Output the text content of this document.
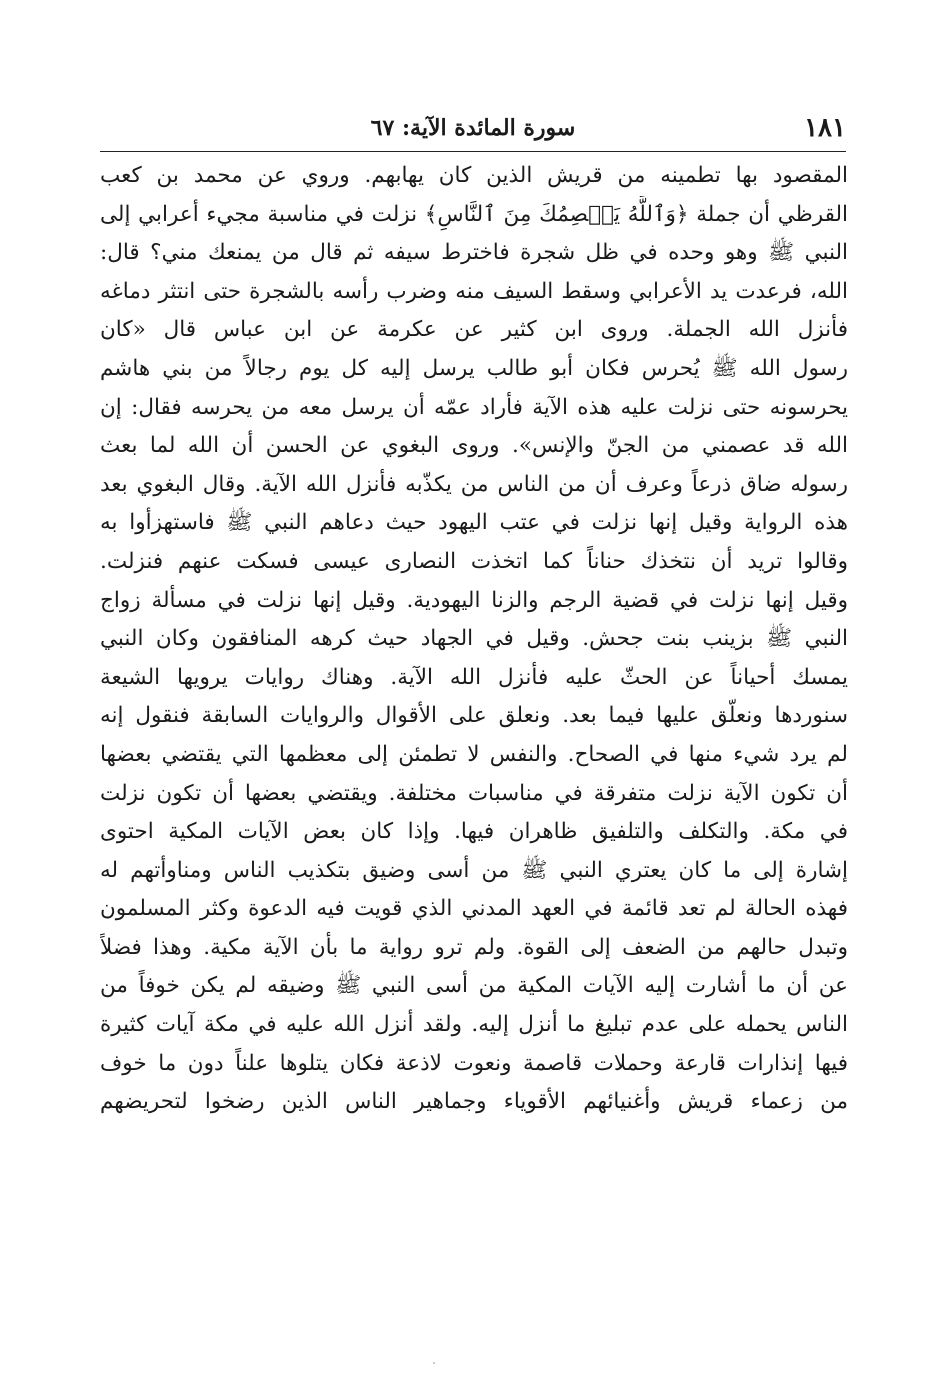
١٨١
سورة المائدة الآية: ٦٧
المقصود بها تطمينه من قريش الذين كان يهابهم. وروي عن محمد بن كعب
القرظي أن جملة ﴿وَٱللَّهُ يَعۡصِمُكَ مِنَ ٱلنَّاسِ﴾ نزلت في مناسبة مجيء أعرابي إلى
النبي ﷺ وهو وحده في ظل شجرة فاخترط سيفه ثم قال من يمنعك مني؟ قال:
الله، فرعدت يد الأعرابي وسقط السيف منه وضرب رأسه بالشجرة حتى انتثر دماغه
فأنزل الله الجملة. وروى ابن كثير عن عكرمة عن ابن عباس قال «كان
رسول الله ﷺ يُحرس فكان أبو طالب يرسل إليه كل يوم رجالاً من بني هاشم
يحرسونه حتى نزلت عليه هذه الآية فأراد عمّه أن يرسل معه من يحرسه فقال: إن
الله قد عصمني من الجنّ والإنس». وروى البغوي عن الحسن أن الله لما بعث
رسوله ضاق ذرعاً وعرف أن من الناس من يكذّبه فأنزل الله الآية. وقال البغوي بعد
هذه الرواية وقيل إنها نزلت في عتب اليهود حيث دعاهم النبي ﷺ فاستهزأوا به
وقالوا تريد أن نتخذك حناناً كما اتخذت النصارى عيسى فسكت عنهم فنزلت.
وقيل إنها نزلت في قضية الرجم والزنا اليهودية. وقيل إنها نزلت في مسألة زواج
النبي ﷺ بزينب بنت جحش. وقيل في الجهاد حيث كرهه المنافقون وكان النبي
يمسك أحياناً عن الحثّ عليه فأنزل الله الآية. وهناك روايات يرويها الشيعة
سنوردها ونعلّق عليها فيما بعد. ونعلق على الأقوال والروايات السابقة فنقول إنه
لم يرد شيء منها في الصحاح. والنفس لا تطمئن إلى معظمها التي يقتضي بعضها
أن تكون الآية نزلت متفرقة في مناسبات مختلفة. ويقتضي بعضها أن تكون نزلت
في مكة. والتكلف والتلفيق ظاهران فيها. وإذا كان بعض الآيات المكية احتوى
إشارة إلى ما كان يعتري النبي ﷺ من أسى وضيق بتكذيب الناس ومناوأتهم له
فهذه الحالة لم تعد قائمة في العهد المدني الذي قويت فيه الدعوة وكثر المسلمون
وتبدل حالهم من الضعف إلى القوة. ولم ترو رواية ما بأن الآية مكية. وهذا فضلاً
عن أن ما أشارت إليه الآيات المكية من أسى النبي ﷺ وضيقه لم يكن خوفاً من
الناس يحمله على عدم تبليغ ما أنزل إليه. ولقد أنزل الله عليه في مكة آيات كثيرة
فيها إنذارات قارعة وحملات قاصمة ونعوت لاذعة فكان يتلوها علناً دون ما خوف
من زعماء قريش وأغنيائهم الأقوياء وجماهير الناس الذين رضخوا لتحريضهم
